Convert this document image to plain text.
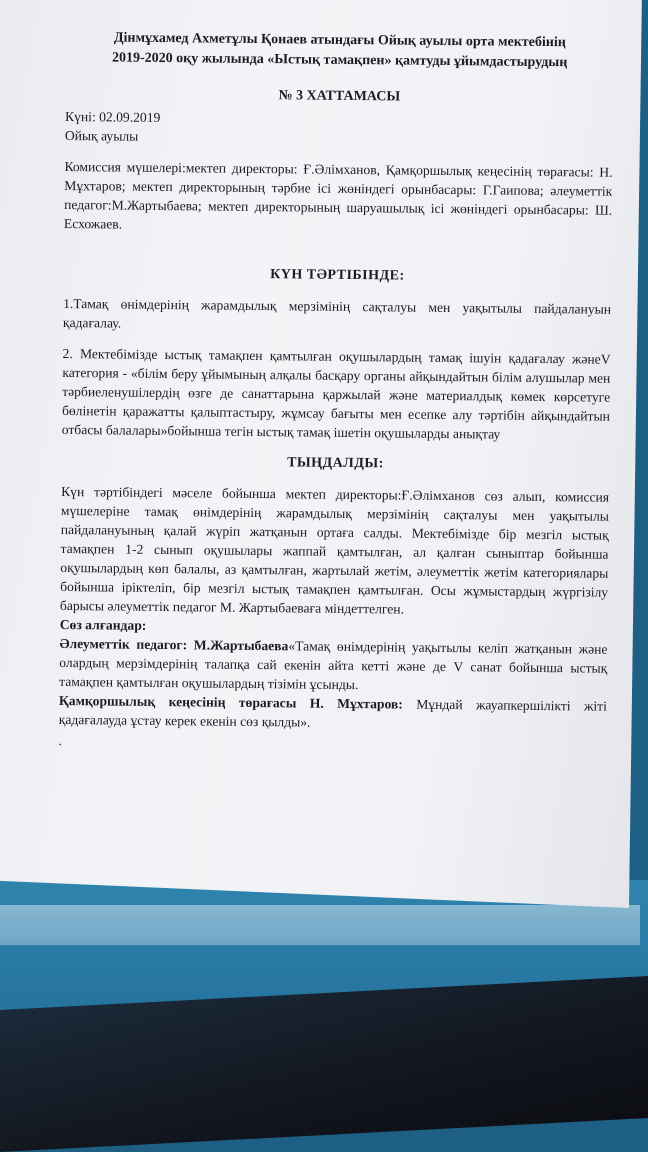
Дінмұхамед Ахметұлы Қонаев атындағы Ойық ауылы орта мектебінің
2019-2020 оқу жылында «Ыстық тамақпен» қамтуды ұйымдастырудың
№ 3 ХАТТАМАСЫ
Күні: 02.09.2019
Ойық ауылы

Комиссия мүшелері:мектеп директоры: Ғ.Әлімханов, Қамқоршылық кеңесінің төрағасы: Н. Мұхтаров; мектеп директорының тәрбие ісі жөніндегі орынбасары: Г.Гаипова; әлеуметтік педагог:М.Жартыбаева; мектеп директорының шаруашылық ісі жөніндегі орынбасары: Ш. Есхожаев.

КҮН ТӘРТІБІНДЕ:

1.Тамақ өнімдерінің жарамдылық мерзімінің сақталуы мен уақытылы пайдалануын қадағалау.

2. Мектебімізде ыстық тамақпен қамтылған оқушылардың тамақ ішуін қадағалау жәнеV категория - «білім беру ұйымының алқалы басқару органы айқындайтын білім алушылар мен тәрбиеленушілердің өзге де санаттарына қаржылай және материалдық көмек көрсетуге бөлінетін қаражатты қалыптастыру, жұмсау бағыты мен есепке алу тәртібін айқындайтын отбасы балалары»бойынша тегін ыстық тамақ ішетін оқушыларды анықтау

ТЫҢДАЛДЫ:

Күн тәртібіндегі мәселе бойынша мектеп директоры:Ғ.Әлімханов сөз алып, комиссия мүшелеріне тамақ өнімдерінің жарамдылық мерзімінің сақталуы мен уақытылы пайдалануының қалай жүріп жатқанын ортаға салды. Мектебімізде бір мезгіл ыстық тамақпен 1-2 сынып оқушылары жаппай қамтылған, ал қалған сыныптар бойынша оқушылардың көп балалы, аз қамтылған, жартылай жетім, әлеуметтік жетім категориялары бойынша іріктеліп, бір мезгіл ыстық тамақпен қамтылған. Осы жұмыстардың жүргізілу барысы әлеуметтік педагог М. Жартыбаеваға міндеттелген.

Сөз алғандар:

Әлеуметтік педагог: М.Жартыбаева«Тамақ өнімдерінің уақытылы келіп жатқанын және олардың мерзімдерінің талапқа сай екенін айта кетті және де V санат бойынша ыстық тамақпен қамтылған оқушылардың тізімін ұсынды.

Қамқоршылық кеңесінің төрағасы Н. Мұхтаров: Мұндай жауапкершілікті жіті қадағалауда ұстау керек екенін сөз қылды».

.
